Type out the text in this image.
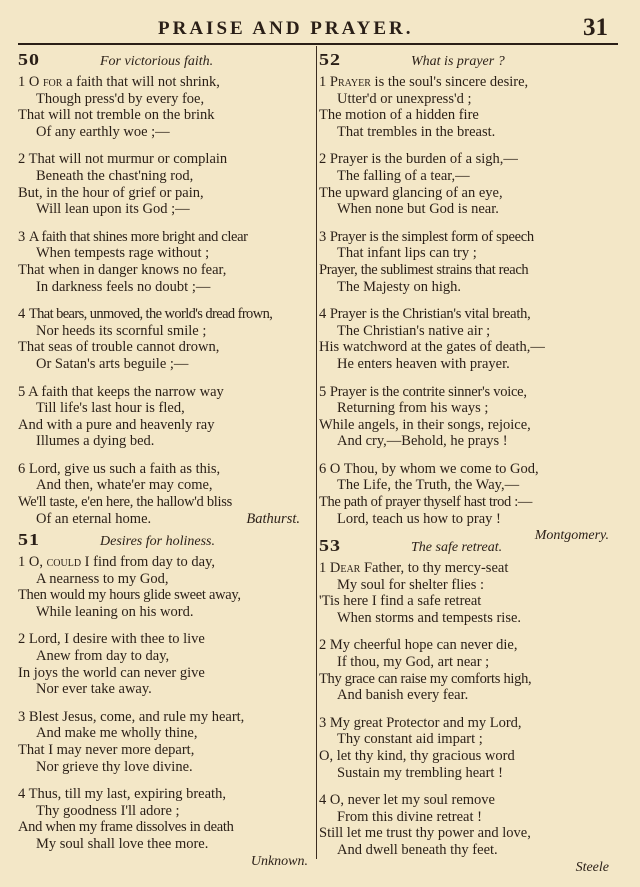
PRAISE AND PRAYER.	31
50	For victorious faith.
1 O for a faith that will not shrink,
Though press'd by every foe,
That will not tremble on the brink
Of any earthly woe ;—
2 That will not murmur or complain
Beneath the chast'ning rod,
But, in the hour of grief or pain,
Will lean upon its God ;—
3 A faith that shines more bright and clear
When tempests rage without ;
That when in danger knows no fear,
In darkness feels no doubt ;—
4 That bears, unmoved, the world's dread frown,
Nor heeds its scornful smile ;
That seas of trouble cannot drown,
Or Satan's arts beguile ;—
5 A faith that keeps the narrow way
Till life's last hour is fled,
And with a pure and heavenly ray
Illumes a dying bed.
6 Lord, give us such a faith as this,
And then, whate'er may come,
We'll taste, e'en here, the hallow'd bliss
Of an eternal home.	Bathurst.
51	Desires for holiness.
1 O, could I find from day to day,
A nearness to my God,
Then would my hours glide sweet away,
While leaning on his word.
2 Lord, I desire with thee to live
Anew from day to day,
In joys the world can never give
Nor ever take away.
3 Blest Jesus, come, and rule my heart,
And make me wholly thine,
That I may never more depart,
Nor grieve thy love divine.
4 Thus, till my last, expiring breath,
Thy goodness I'll adore ;
And when my frame dissolves in death
My soul shall love thee more.
Unknown.
52	What is prayer ?
1 Prayer is the soul's sincere desire,
Utter'd or unexpress'd ;
The motion of a hidden fire
That trembles in the breast.
2 Prayer is the burden of a sigh,—
The falling of a tear,—
The upward glancing of an eye,
When none but God is near.
3 Prayer is the simplest form of speech
That infant lips can try ;
Prayer, the sublimest strains that reach
The Majesty on high.
4 Prayer is the Christian's vital breath,
The Christian's native air ;
His watchword at the gates of death,—
He enters heaven with prayer.
5 Prayer is the contrite sinner's voice,
Returning from his ways ;
While angels, in their songs, rejoice,
And cry,—Behold, he prays !
6 O Thou, by whom we come to God,
The Life, the Truth, the Way,—
The path of prayer thyself hast trod :—
Lord, teach us how to pray !
Montgomery.
53	The safe retreat.
1 Dear Father, to thy mercy-seat
My soul for shelter flies :
'Tis here I find a safe retreat
When storms and tempests rise.
2 My cheerful hope can never die,
If thou, my God, art near ;
Thy grace can raise my comforts high,
And banish every fear.
3 My great Protector and my Lord,
Thy constant aid impart ;
O, let thy kind, thy gracious word
Sustain my trembling heart !
4 O, never let my soul remove
From this divine retreat !
Still let me trust thy power and love,
And dwell beneath thy feet.
Steele
